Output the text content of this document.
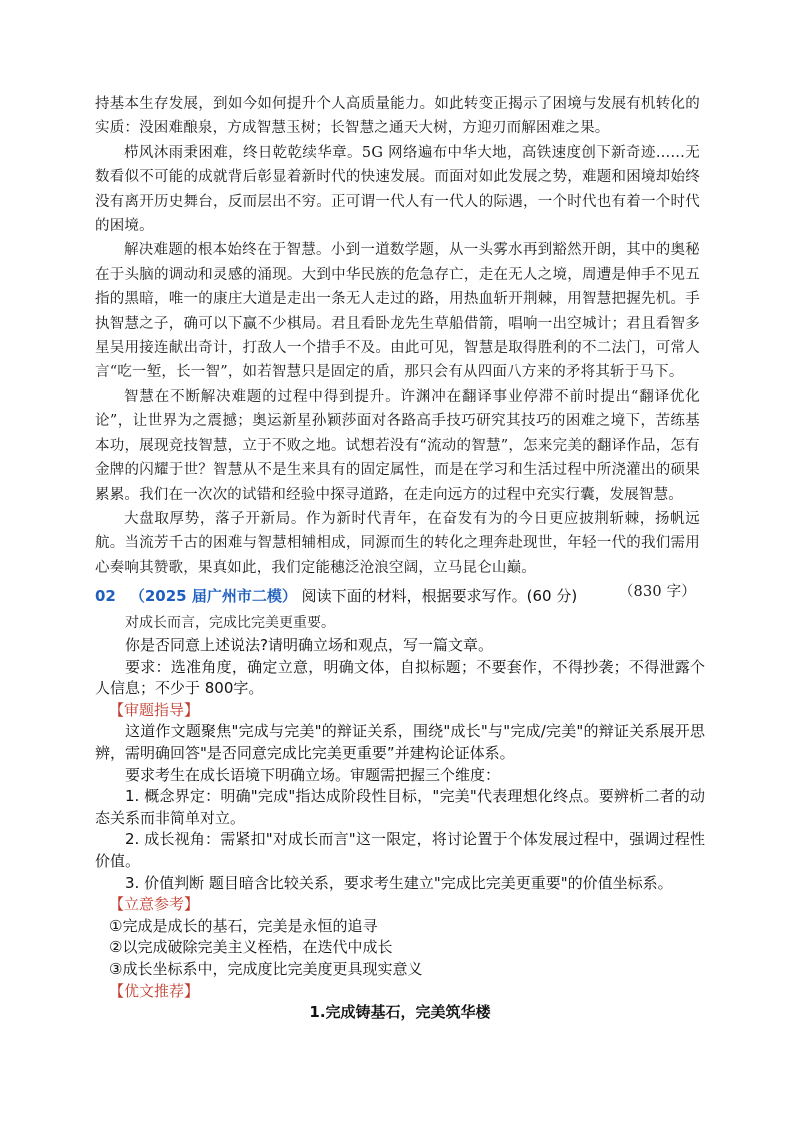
持基本生存发展，到如今如何提升个人高质量能力。如此转变正揭示了困境与发展有机转化的实质：没困难酿泉，方成智慧玉树；长智慧之通天大树，方迎刃而解困难之果。

栉风沐雨秉困难，终日乾乾续华章。5G 网络遍布中华大地，高铁速度创下新奇迹……无数看似不可能的成就背后彰显着新时代的快速发展。而面对如此发展之势，难题和困境却始终没有离开历史舞台，反而层出不穷。正可谓一代人有一代人的际遇，一个时代也有着一个时代的困境。

解决难题的根本始终在于智慧。小到一道数学题，从一头雾水再到豁然开朗，其中的奥秘在于头脑的调动和灵感的涌现。大到中华民族的危急存亡，走在无人之境，周遭是伸手不见五指的黑暗，唯一的康庄大道是走出一条无人走过的路，用热血斩开荆棘，用智慧把握先机。手执智慧之子，确可以下赢不少棋局。君且看卧龙先生草船借箭，唱响一出空城计；君且看智多星吴用接连献出奇计，打敌人一个措手不及。由此可见，智慧是取得胜利的不二法门，可常人言“吃一堑，长一智”，如若智慧只是固定的盾，那只会有从四面八方来的矛将其斩于马下。

智慧在不断解决难题的过程中得到提升。许渊冲在翻译事业停滞不前时提出“翻译优化论”，让世界为之震撼；奥运新星孙颖莎面对各路高手技巧研究其技巧的困难之境下，苦练基本功，展现竞技智慧，立于不败之地。试想若没有“流动的智慧”，怎来完美的翻译作品，怎有金牌的闪耀于世？智慧从不是生来具有的固定属性，而是在学习和生活过程中所浇灌出的硕果累累。我们在一次次的试错和经验中探寻道路，在走向远方的过程中充实行囊，发展智慧。

大盘取厚势，落子开新局。作为新时代青年，在奋发有为的今日更应披荆斩棘，扬帆远航。当流芳千古的困难与智慧相辅相成，同源而生的转化之理奔赴现世，年轻一代的我们需用心奏响其赞歌，果真如此，我们定能穗泛沧浪空阔，立马昆仑山巅。

（830 字）

02 （2025 届广州市二模） 阅读下面的材料，根据要求写作。(60 分)
对成长而言，完成比完美更重要。

你是否同意上述说法?请明确立场和观点，写一篇文章。

要求：选准角度，确定立意，明确文体，自拟标题；不要套作，不得抄袭；不得泄露个 人信息；不少于 800字。

【审题指导】

这道作文题聚焦"完成与完美"的辩证关系，围绕"成长"与"完成/完美"的辩证关系展开思辨，需明确回答"是否同意完成比完美更重要”并建构论证体系。

要求考生在成长语境下明确立场。审题需把握三个维度：

1. 概念界定：明确"完成"指达成阶段性目标，"完美"代表理想化终点。要辨析二者的动态关系而非简单对立。

2. 成长视角：需紧扣"对成长而言"这一限定，将讨论置于个体发展过程中，强调过程性价值。

3. 价值判断 题目暗含比较关系，要求考生建立"完成比完美更重要"的价值坐标系。

【立意参考】

①完成是成长的基石，完美是永恒的追寻

②以完成破除完美主义桎梏，在迭代中成长

③成长坐标系中，完成度比完美度更具现实意义

【优文推荐】

1.完成铸基石，完美筑华楼
